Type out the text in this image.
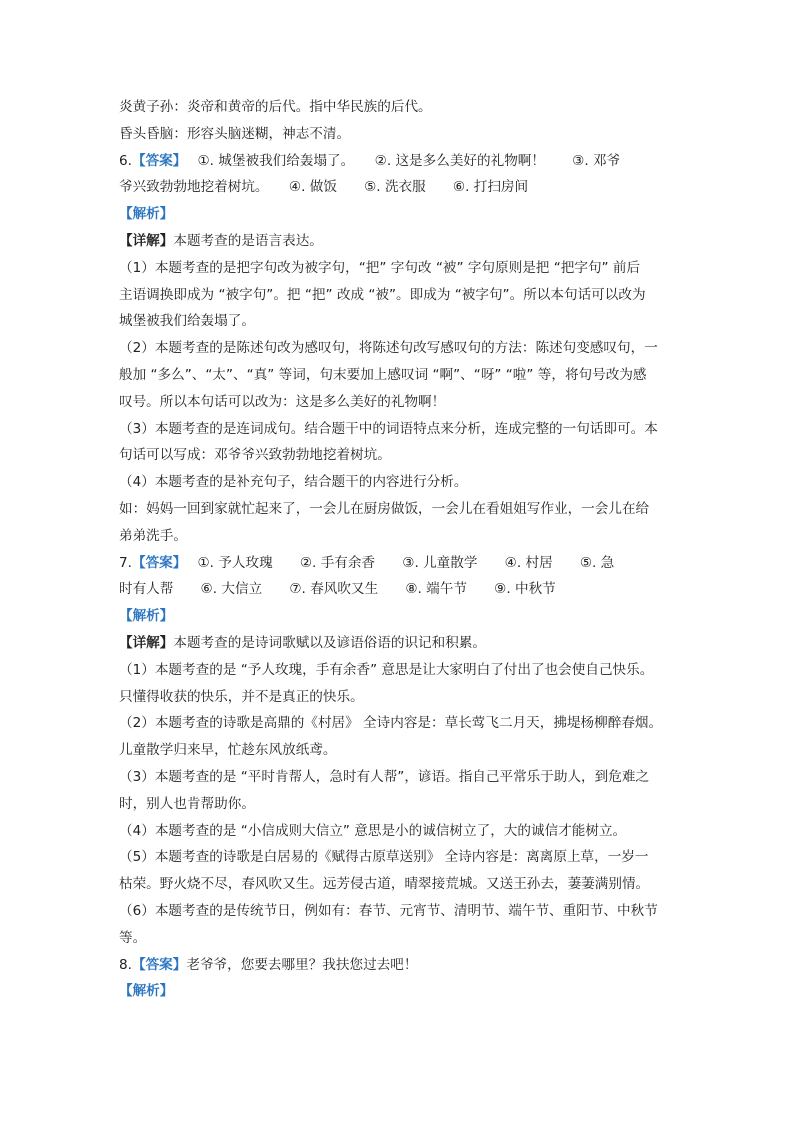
炎黄子孙：炎帝和黄帝的后代。指中华民族的后代。
昏头昏脑：形容头脑迷糊，神志不清。
6.【答案】　 ①. 城堡被我们给轰塌了。　　②. 这是多么美好的礼物啊！　　③. 邓爷
爷兴致勃勃地挖着树坑。　　④. 做饭　　⑤. 洗衣服　　⑥. 打扫房间
【解析】
【详解】本题考查的是语言表达。
（1）本题考查的是把字句改为被字句，“把” 字句改 “被” 字句原则是把 “把字句” 前后
主语调换即成为 “被字句”。把 “把” 改成 “被”。即成为 “被字句”。所以本句话可以改为
城堡被我们给轰塌了。
（2）本题考查的是陈述句改为感叹句，将陈述句改写感叹句的方法：陈述句变感叹句，一
般加 “多么”、“太”、“真” 等词，句末要加上感叹词 “啊”、“呀” “啦” 等，将句号改为感
叹号。所以本句话可以改为：这是多么美好的礼物啊！
（3）本题考查的是连词成句。结合题干中的词语特点来分析，连成完整的一句话即可。本
句话可以写成：邓爷爷兴致勃勃地挖着树坑。
（4）本题考查的是补充句子，结合题干的内容进行分析。
如：妈妈一回到家就忙起来了，一会儿在厨房做饭，一会儿在看姐姐写作业，一会儿在给
弟弟洗手。
7.【答案】　 ①. 予人玫瑰　　②. 手有余香　　③. 儿童散学　　④. 村居　　⑤. 急
时有人帮　　⑥. 大信立　　⑦. 春风吹又生　　⑧. 端午节　　⑨. 中秋节
【解析】
【详解】本题考查的是诗词歌赋以及谚语俗语的识记和积累。
（1）本题考查的是 “予人玫瑰，手有余香” 意思是让大家明白了付出了也会使自己快乐。
只懂得收获的快乐，并不是真正的快乐。
（2）本题考查的诗歌是高鼎的《村居》 全诗内容是：草长莺飞二月天，拂堤杨柳醉春烟。
儿童散学归来早，忙趁东风放纸鸢。
（3）本题考查的是 “平时肯帮人，急时有人帮”，谚语。指自己平常乐于助人，到危难之
时，别人也肯帮助你。
（4）本题考查的是 “小信成则大信立” 意思是小的诚信树立了，大的诚信才能树立。
（5）本题考查的诗歌是白居易的《赋得古原草送别》 全诗内容是：离离原上草，一岁一
枯荣。野火烧不尽，春风吹又生。远芳侵古道，晴翠接荒城。又送王孙去，萋萋满别情。
（6）本题考查的是传统节日，例如有：春节、元宵节、清明节、端午节、重阳节、中秋节
等。
8.【答案】老爷爷，您要去哪里？我扶您过去吧！
【解析】
